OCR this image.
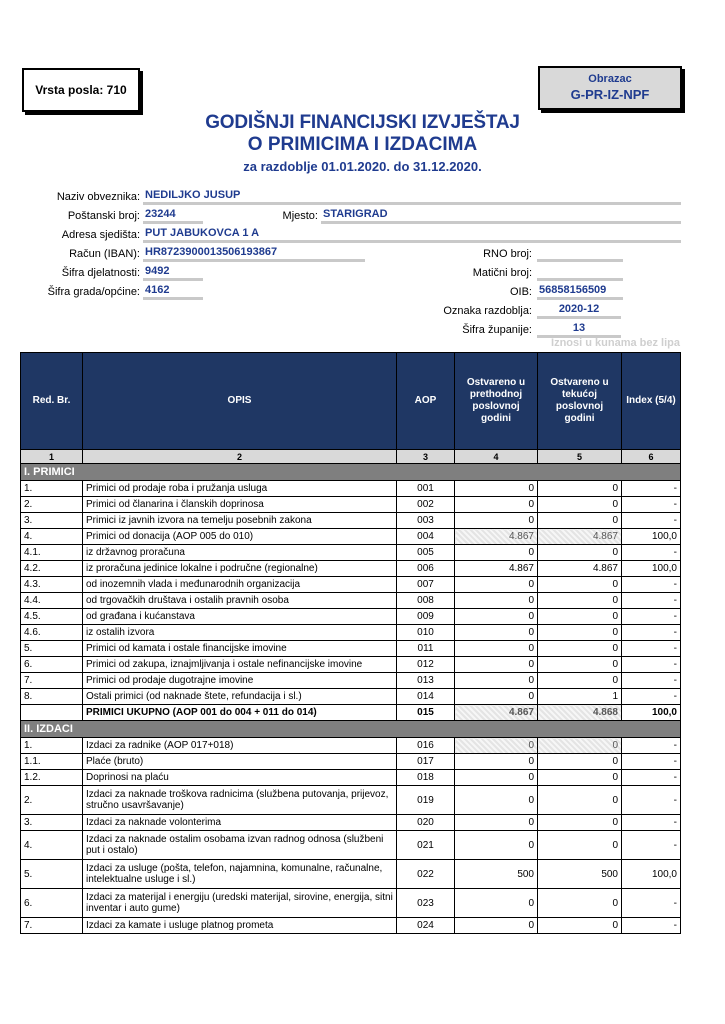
Vrsta posla: 710
Obrazac
G-PR-IZ-NPF
GODIŠNJI FINANCIJSKI IZVJEŠTAJ
O PRIMICIMA I IZDACIMA
za razdoblje 01.01.2020. do 31.12.2020.
Naziv obveznika: NEDILJKO JUSUP
Poštanski broj: 23244	Mjesto: STARIGRAD
Adresa sjedišta: PUT JABUKOVCA 1 A
Račun (IBAN): HR8723900013506193867	RNO broj:
Šifra djelatnosti: 9492	Matični broj:
Šifra grada/općine: 4162	OIB: 56858156509
Oznaka razdoblja:	2020-12
Šifra županije:	13
Iznosi u kunama bez lipa
Red. Br.	OPIS	AOP	Ostvareno u prethodnoj poslovnoj godini	Ostvareno u tekućoj poslovnoj godini	Index (5/4)
1	2	3	4	5	6
I. PRIMICI					
1.	Primici od prodaje roba i pružanja usluga	001	0	0	-
2.	Primici od članarina i članskih doprinosa	002	0	0	-
3.	Primici iz javnih izvora na temelju posebnih zakona	003	0	0	-
4.	Primici od donacija (AOP 005 do 010)	004	4.867	4.867	100,0
4.1.	iz državnog proračuna	005	0	0	-
4.2.	iz proračuna jedinice lokalne i područne (regionalne)	006	4.867	4.867	100,0
4.3.	od inozemnih vlada i međunarodnih organizacija	007	0	0	-
4.4.	od trgovačkih društava i ostalih pravnih osoba	008	0	0	-
4.5.	od građana i kućanstava	009	0	0	-
4.6.	iz ostalih izvora	010	0	0	-
5.	Primici od kamata i ostale financijske imovine	011	0	0	-
6.	Primici od zakupa, iznajmljivanja i ostale nefinancijske imovine	012	0	0	-
7.	Primici od prodaje dugotrajne imovine	013	0	0	-
8.	Ostali primici (od naknade štete, refundacija i sl.)	014	0	1	-
	PRIMICI UKUPNO (AOP 001 do 004 + 011 do 014)	015	4.867	4.868	100,0
II. IZDACI					
1.	Izdaci za radnike (AOP 017+018)	016	0	0	-
1.1.	Plaće (bruto)	017	0	0	-
1.2.	Doprinosi na plaću	018	0	0	-
2.	Izdaci za naknade troškova radnicima (službena putovanja, prijevoz, stručno usavršavanje)	019	0	0	-
3.	Izdaci za naknade volonterima	020	0	0	-
4.	Izdaci za naknade ostalim osobama izvan radnog odnosa (službeni put i ostalo)	021	0	0	-
5.	Izdaci za usluge (pošta, telefon, najamnina, komunalne, računalne, intelektualne usluge i sl.)	022	500	500	100,0
6.	Izdaci za materijal i energiju (uredski materijal, sirovine, energija, sitni inventar i auto gume)	023	0	0	-
7.	Izdaci za kamate i usluge platnog prometa	024	0	0	-
